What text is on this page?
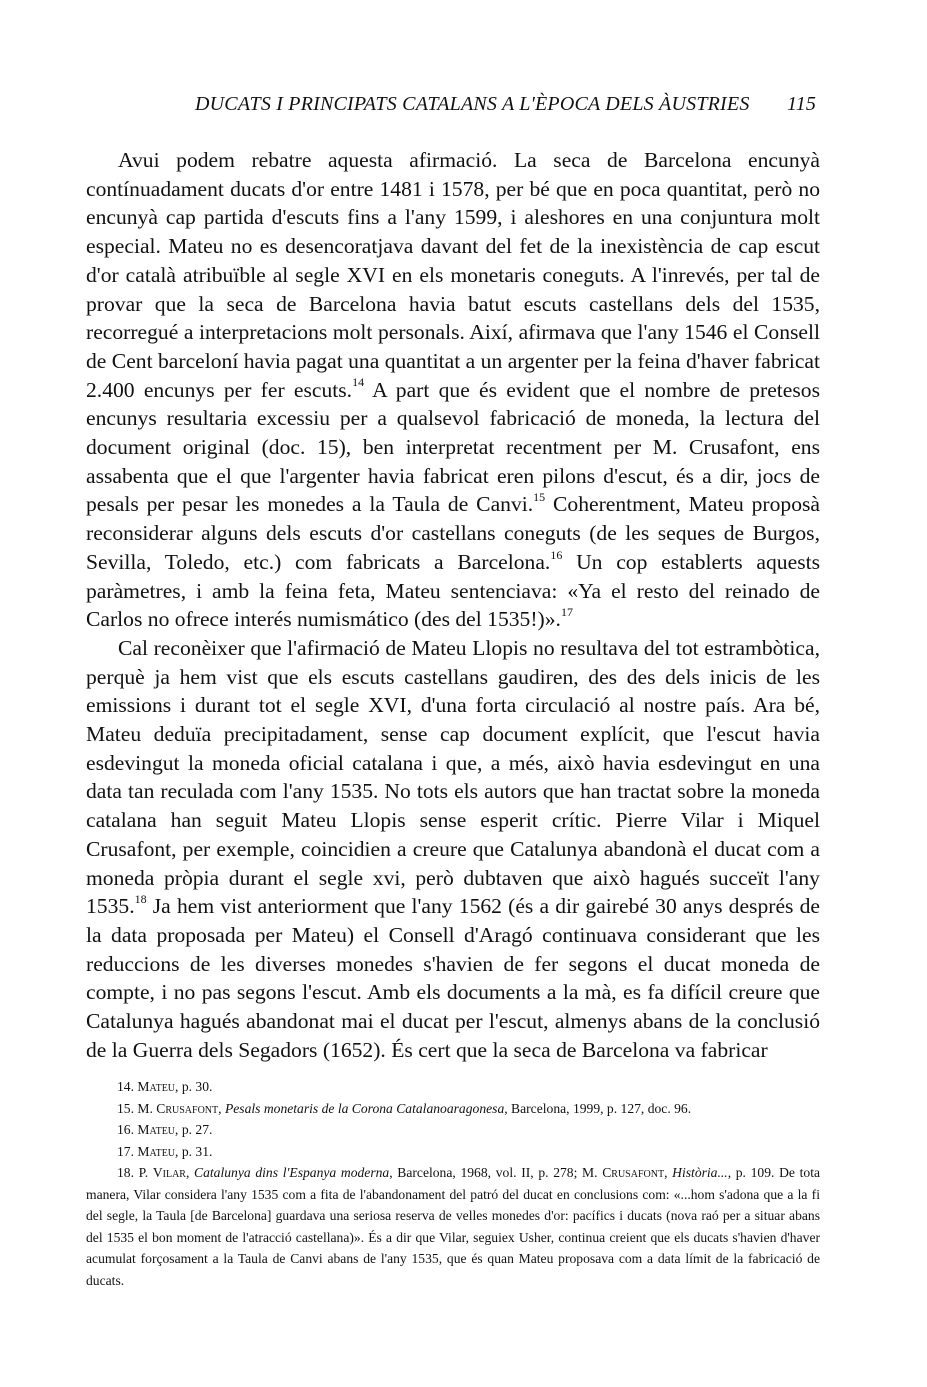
DUCATS I PRINCIPATS CATALANS A L'ÈPOCA DELS ÀUSTRIES 115

Avui podem rebatre aquesta afirmació. La seca de Barcelona encunyà contínuadament ducats d'or entre 1481 i 1578, per bé que en poca quantitat, però no encunyà cap partida d'escuts fins a l'any 1599, i aleshores en una conjuntura molt especial. Mateu no es desencoratjava davant del fet de la inexistència de cap escut d'or català atribuïble al segle XVI en els monetaris coneguts. A l'inrevés, per tal de provar que la seca de Barcelona havia batut escuts castellans dels del 1535, recorregué a interpretacions molt personals. Així, afirmava que l'any 1546 el Consell de Cent barceloní havia pagat una quantitat a un argenter per la feina d'haver fabricat 2.400 encunys per fer escuts.$^{14}$ A part que és evident que el nombre de pretesos encunys resultaria excessiu per a qualsevol fabricació de moneda, la lectura del document original (doc. 15), ben interpretat recentment per M. Crusafont, ens assabenta que el que l'argenter havia fabricat eren pilons d'escut, és a dir, jocs de pesals per pesar les monedes a la Taula de Canvi.$^{15}$ Coherentment, Mateu proposà reconsiderar alguns dels escuts d'or castellans coneguts (de les seques de Burgos, Sevilla, Toledo, etc.) com fabricats a Barcelona.$^{16}$ Un cop establerts aquests paràmetres, i amb la feina feta, Mateu sentenciava: «Ya el resto del reinado de Carlos no ofrece interés numismático (des del 1535!)».$^{17}$

Cal reconèixer que l'afirmació de Mateu Llopis no resultava del tot estrambòtica, perquè ja hem vist que els escuts castellans gaudiren, des des dels inicis de les emissions i durant tot el segle XVI, d'una forta circulació al nostre país. Ara bé, Mateu deduïa precipitadament, sense cap document explícit, que l'escut havia esdevingut la moneda oficial catalana i que, a més, això havia esdevingut en una data tan reculada com l'any 1535. No tots els autors que han tractat sobre la moneda catalana han seguit Mateu Llopis sense esperit crític. Pierre Vilar i Miquel Crusafont, per exemple, coincidien a creure que Catalunya abandonà el ducat com a moneda pròpia durant el segle xvi, però dubtaven que això hagués succeït l'any 1535.18 Ja hem vist anteriorment que l'any 1562 (és a dir gairebé 30 anys després de la data proposada per Mateu) el Consell d'Aragó continuava considerant que les reduccions de les diverses monedes s'havien de fer segons el ducat moneda de compte, i no pas segons l'escut. Amb els documents a la mà, es fa difícil creure que Catalunya hagués abandonat mai el ducat per l'escut, almenys abans de la conclusió de la Guerra dels Segadors (1652). És cert que la seca de Barcelona va fabricar

14. Mateu, p. 30.

15. M. Crusafont, Pesals monetaris de la Corona Catalanoaragonesa, Barcelona, 1999, p. 127, doc. 96.

16. Mateu, p. 27.

17. Mateu, p. 31.

18. P. Vilar, Catalunya dins l'Espanya moderna, Barcelona, 1968, vol. II, p. 278; M. Crusafont, Història..., p. 109. De tota manera, Vilar considera l'any 1535 com a fita de l'abandonament del patró del ducat en conclusions com: «...hom s'adona que a la fi del segle, la Taula [de Barcelona] guardava una seriosa reserva de velles monedes d'or: pacífics i ducats (nova raó per a situar abans del 1535 el bon moment de l'atracció castellana)». És a dir que Vilar, seguiex Usher, continua creient que els ducats s'havien d'haver acumulat forçosament a la Taula de Canvi abans de l'any 1535, que és quan Mateu proposava com a data límit de la fabricació de ducats.
